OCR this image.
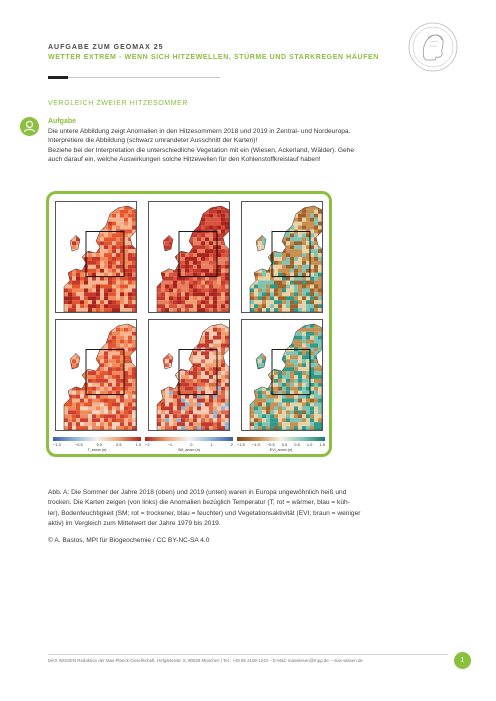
AUFGABE ZUM GEOMAX 25
WETTER EXTREM - WENN SICH HITZEWELLEN, STÜRME UND STARKREGEN HÄUFEN
VERGLEICH ZWEIER HITZESOMMER
Aufgabe

Die untere Abbildung zeigt Anomalien in den Hitzesommern 2018 und 2019 in Zentral- und Nordeuropa.

Interpretiere die Abbildung (schwarz umrandeter Ausschnitt der Karten)!

Beziehe bei der Interpretation die unterschiedliche Vegetation mit ein (Wiesen, Ackerland, Wälder). Gehe

auch darauf ein, welche Auswirkungen solche Hitzewellen für den Kohlenstoffkreislauf haben!

−1.0	−0.5	0.0	0.5	1.0
T_anom (σ)
−2	−1	0	1	2
SM_anom (σ)
−1.5 −1.0 −0.5 0.0 0.5 1.0 1.5
EVI_anom (σ)

Abb. A: Die Sommer der Jahre 2018 (oben) und 2019 (unten) waren in Europa ungewöhnlich heiß und

trocken. Die Karten zeigen (von links) die Anomalien bezüglich Temperatur (T; rot = wärmer, blau = küh-

ler), Bodenfeuchtigkeit (SM; rot = trockener, blau = feuchter) und Vegetationsaktivität (EVI; braun = weniger

aktiv) im Vergleich zum Mittelwert der Jahre 1979 bis 2019.

© A. Bastos, MPI für Biogeochemie / CC BY-NC-SA 4.0
MAX WISSEN Redaktion der Max-Planck-Gesellschaft, Hofgartenstr. 8, 80539 München | Tel.: +49 89 2108-1242 – E-Mail: maxwissen@mpg.de – max-wissen.de	1
